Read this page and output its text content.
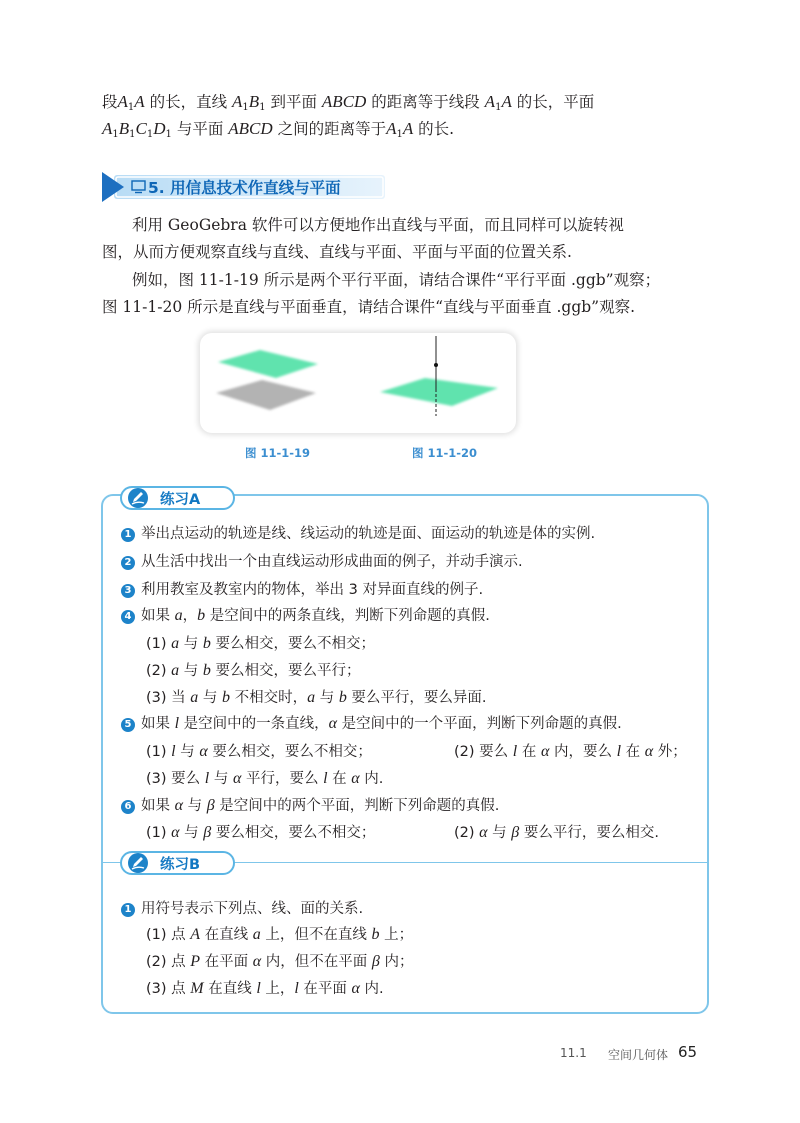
段$A_1A$ 的长，直线 $A_1B_1$ 到平面 ABCD 的距离等于线段 $A_1A$ 的长，平面
$A_1B_1C_1D_1$ 与平面 ABCD 之间的距离等于$A_1A$ 的长.
5. 用信息技术作直线与平面
利用 GeoGebra 软件可以方便地作出直线与平面，而且同样可以旋转视
图，从而方便观察直线与直线、直线与平面、平面与平面的位置关系.
例如，图 11-1-19 所示是两个平行平面，请结合课件“平行平面 .ggb”观察；
图 11-1-20 所示是直线与平面垂直，请结合课件“直线与平面垂直 .ggb”观察.
图 11-1-19	图 11-1-20
练习A
1 举出点运动的轨迹是线、线运动的轨迹是面、面运动的轨迹是体的实例.
2 从生活中找出一个由直线运动形成曲面的例子，并动手演示.
3 利用教室及教室内的物体，举出 3 对异面直线的例子.
4 如果 a，b 是空间中的两条直线，判断下列命题的真假.
(1) a 与 b 要么相交，要么不相交；
(2) a 与 b 要么相交，要么平行；
(3) 当 a 与 b 不相交时，a 与 b 要么平行，要么异面.
5 如果 l 是空间中的一条直线，α 是空间中的一个平面，判断下列命题的真假.
(1) l 与 α 要么相交，要么不相交；	(2) 要么 l 在 α 内，要么 l 在 α 外；
(3) 要么 l 与 α 平行，要么 l 在 α 内.
6 如果 α 与 β 是空间中的两个平面，判断下列命题的真假.
(1) α 与 β 要么相交，要么不相交；	(2) α 与 β 要么平行，要么相交.
练习B
1 用符号表示下列点、线、面的关系.
(1) 点 A 在直线 a 上，但不在直线 b 上；
(2) 点 P 在平面 α 内，但不在平面 β 内；
(3) 点 M 在直线 l 上，l 在平面 α 内.
11.1 空间几何体 65
